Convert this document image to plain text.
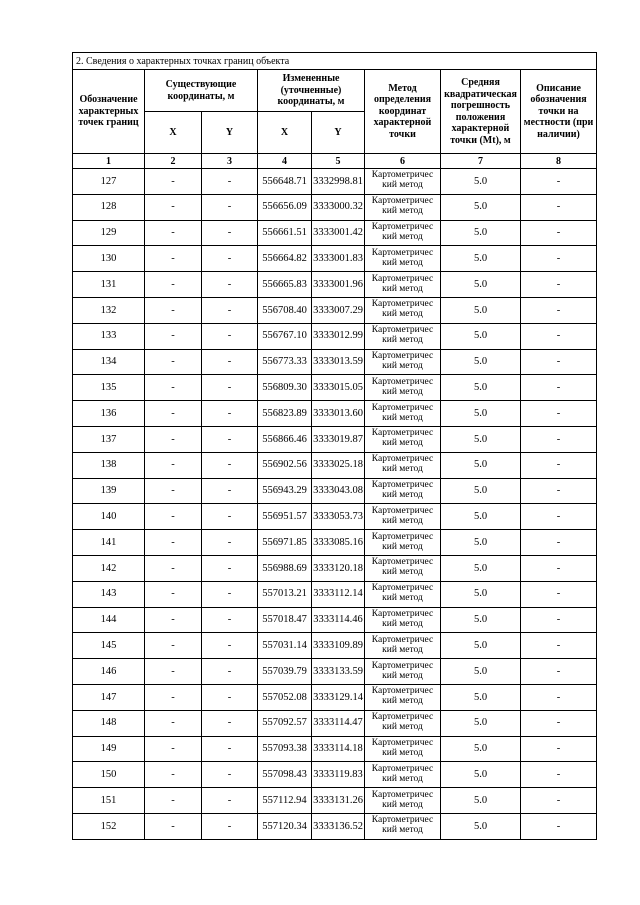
2. Сведения о характерных точках границ объекта							
Обозначение характерных точек границ	Существующие координаты, м		Измененные (уточненные) координаты, м		Метод определения координат характерной точки	Средняя квадратическая погрешность положения характерной точки (Mt), м	Описание обозначения точки на местности (при наличии)
	X	Y	X	Y			
1	2	3	4	5	6	7	8
127	-	-	556648.71	3332998.81	Картометричес кий метод	5.0	-
128	-	-	556656.09	3333000.32	Картометричес кий метод	5.0	-
129	-	-	556661.51	3333001.42	Картометричес кий метод	5.0	-
130	-	-	556664.82	3333001.83	Картометричес кий метод	5.0	-
131	-	-	556665.83	3333001.96	Картометричес кий метод	5.0	-
132	-	-	556708.40	3333007.29	Картометричес кий метод	5.0	-
133	-	-	556767.10	3333012.99	Картометричес кий метод	5.0	-
134	-	-	556773.33	3333013.59	Картометричес кий метод	5.0	-
135	-	-	556809.30	3333015.05	Картометричес кий метод	5.0	-
136	-	-	556823.89	3333013.60	Картометричес кий метод	5.0	-
137	-	-	556866.46	3333019.87	Картометричес кий метод	5.0	-
138	-	-	556902.56	3333025.18	Картометричес кий метод	5.0	-
139	-	-	556943.29	3333043.08	Картометричес кий метод	5.0	-
140	-	-	556951.57	3333053.73	Картометричес кий метод	5.0	-
141	-	-	556971.85	3333085.16	Картометричес кий метод	5.0	-
142	-	-	556988.69	3333120.18	Картометричес кий метод	5.0	-
143	-	-	557013.21	3333112.14	Картометричес кий метод	5.0	-
144	-	-	557018.47	3333114.46	Картометричес кий метод	5.0	-
145	-	-	557031.14	3333109.89	Картометричес кий метод	5.0	-
146	-	-	557039.79	3333133.59	Картометричес кий метод	5.0	-
147	-	-	557052.08	3333129.14	Картометричес кий метод	5.0	-
148	-	-	557092.57	3333114.47	Картометричес кий метод	5.0	-
149	-	-	557093.38	3333114.18	Картометричес кий метод	5.0	-
150	-	-	557098.43	3333119.83	Картометричес кий метод	5.0	-
151	-	-	557112.94	3333131.26	Картометричес кий метод	5.0	-
152	-	-	557120.34	3333136.52	Картометричес кий метод	5.0	-
